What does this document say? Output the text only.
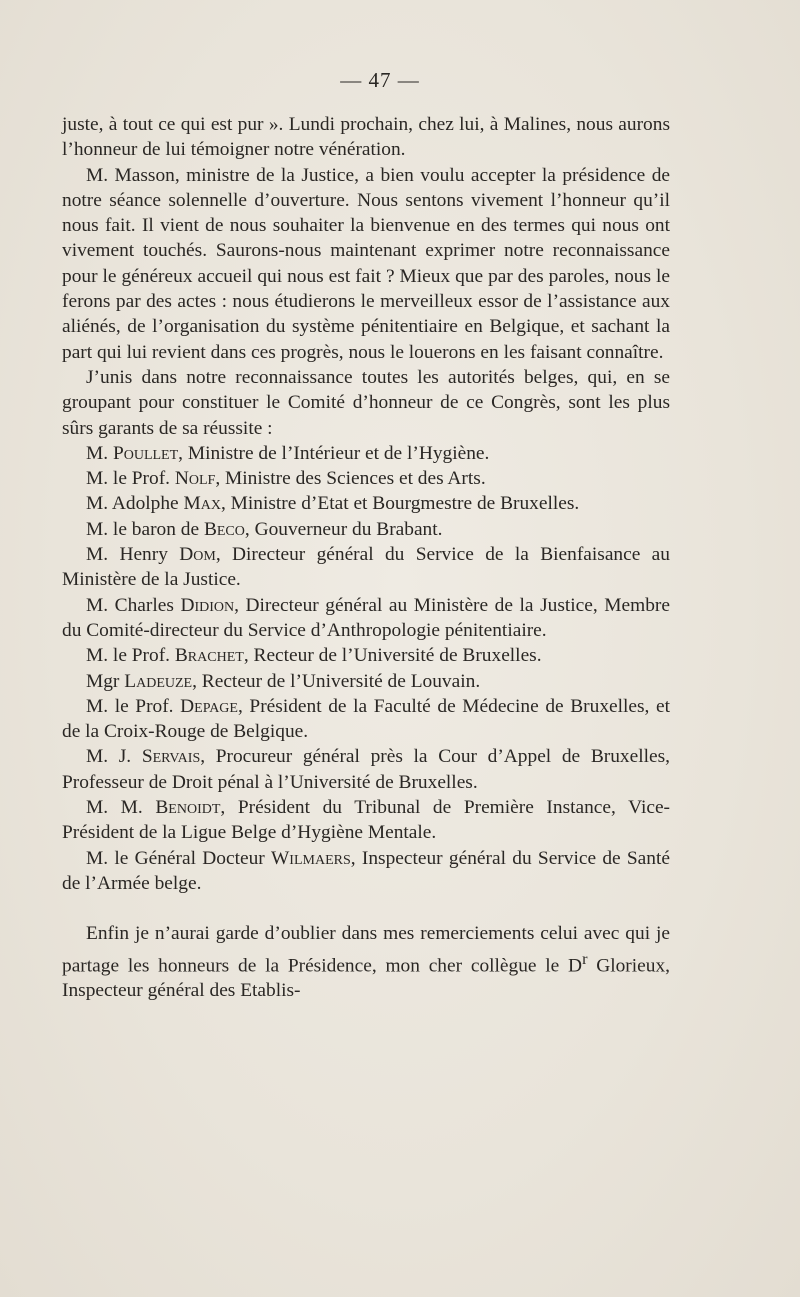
— 47 —

juste, à tout ce qui est pur ». Lundi prochain, chez lui, à Malines, nous aurons l’honneur de lui témoigner notre vénération.

M. Masson, ministre de la Justice, a bien voulu accepter la présidence de notre séance solennelle d’ouverture. Nous sentons vivement l’honneur qu’il nous fait. Il vient de nous souhaiter la bienvenue en des termes qui nous ont vivement touchés. Saurons-nous maintenant exprimer notre reconnaissance pour le généreux accueil qui nous est fait ? Mieux que par des paroles, nous le ferons par des actes : nous étudierons le merveilleux essor de l’assistance aux aliénés, de l’organisation du système pénitentiaire en Belgique, et sachant la part qui lui revient dans ces progrès, nous le louerons en les faisant connaître.

J’unis dans notre reconnaissance toutes les autorités belges, qui, en se groupant pour constituer le Comité d’honneur de ce Congrès, sont les plus sûrs garants de sa réussite :

M. Poullet, Ministre de l’Intérieur et de l’Hygiène.

M. le Prof. Nolf, Ministre des Sciences et des Arts.

M. Adolphe Max, Ministre d’Etat et Bourgmestre de Bruxelles.

M. le baron de Beco, Gouverneur du Brabant.

M. Henry Dom, Directeur général du Service de la Bienfaisance au Ministère de la Justice.

M. Charles Didion, Directeur général au Ministère de la Justice, Membre du Comité-directeur du Service d’Anthropologie pénitentiaire.

M. le Prof. Brachet, Recteur de l’Université de Bruxelles.

Mgr Ladeuze, Recteur de l’Université de Louvain.

M. le Prof. Depage, Président de la Faculté de Médecine de Bruxelles, et de la Croix-Rouge de Belgique.

M. J. Servais, Procureur général près la Cour d’Appel de Bruxelles, Professeur de Droit pénal à l’Université de Bruxelles.

M. M. Benoidt, Président du Tribunal de Première Instance, Vice-Président de la Ligue Belge d’Hygiène Mentale.

M. le Général Docteur Wilmaers, Inspecteur général du Service de Santé de l’Armée belge.

Enfin je n’aurai garde d’oublier dans mes remerciements celui avec qui je partage les honneurs de la Présidence, mon cher collègue le $D^r$ Glorieux, Inspecteur général des Etablis-
